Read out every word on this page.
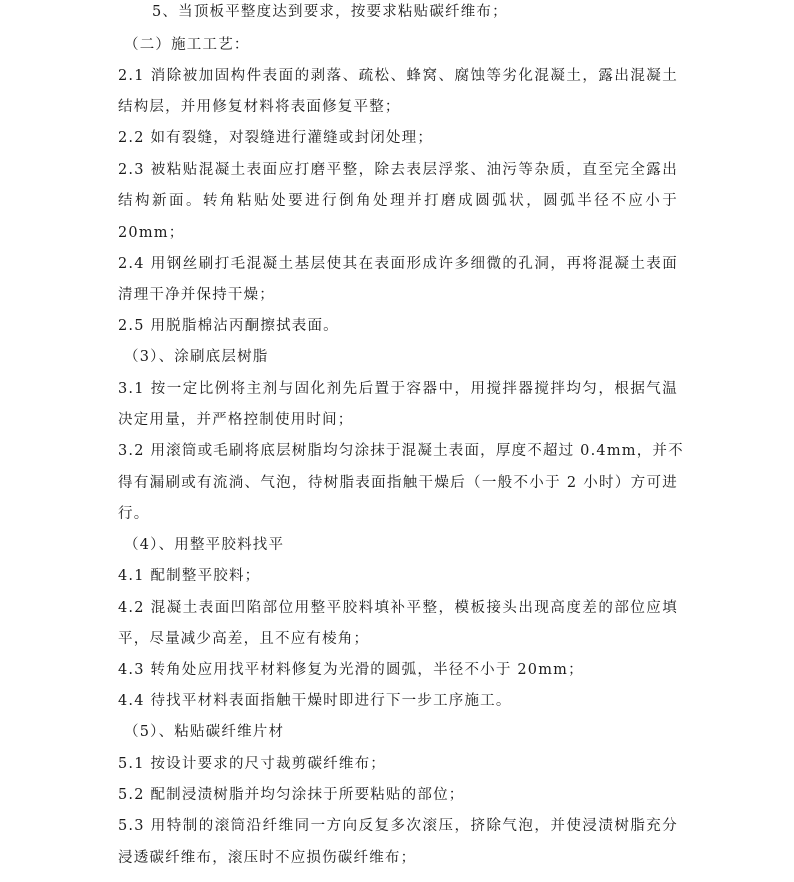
5、当顶板平整度达到要求，按要求粘贴碳纤维布；
（二）施工工艺：
2.1 消除被加固构件表面的剥落、疏松、蜂窝、腐蚀等劣化混凝土，露出混凝土
结构层，并用修复材料将表面修复平整；
2.2 如有裂缝，对裂缝进行灌缝或封闭处理；
2.3 被粘贴混凝土表面应打磨平整，除去表层浮浆、油污等杂质，直至完全露出
结构新面。转角粘贴处要进行倒角处理并打磨成圆弧状，圆弧半径不应小于
20mm；
2.4 用钢丝刷打毛混凝土基层使其在表面形成许多细微的孔洞，再将混凝土表面
清理干净并保持干燥；
2.5 用脱脂棉沾丙酮擦拭表面。
（3）、涂刷底层树脂
3.1 按一定比例将主剂与固化剂先后置于容器中，用搅拌器搅拌均匀，根据气温
决定用量，并严格控制使用时间；
3.2 用滚筒或毛刷将底层树脂均匀涂抹于混凝土表面，厚度不超过 0.4mm，并不
得有漏刷或有流淌、气泡，待树脂表面指触干燥后（一般不小于 2 小时）方可进
行。
（4）、用整平胶料找平
4.1 配制整平胶料；
4.2 混凝土表面凹陷部位用整平胶料填补平整，模板接头出现高度差的部位应填
平，尽量减少高差，且不应有棱角；
4.3 转角处应用找平材料修复为光滑的圆弧，半径不小于 20mm；
4.4 待找平材料表面指触干燥时即进行下一步工序施工。
（5）、粘贴碳纤维片材
5.1 按设计要求的尺寸裁剪碳纤维布；
5.2 配制浸渍树脂并均匀涂抹于所要粘贴的部位；
5.3 用特制的滚筒沿纤维同一方向反复多次滚压，挤除气泡，并使浸渍树脂充分
浸透碳纤维布，滚压时不应损伤碳纤维布；
